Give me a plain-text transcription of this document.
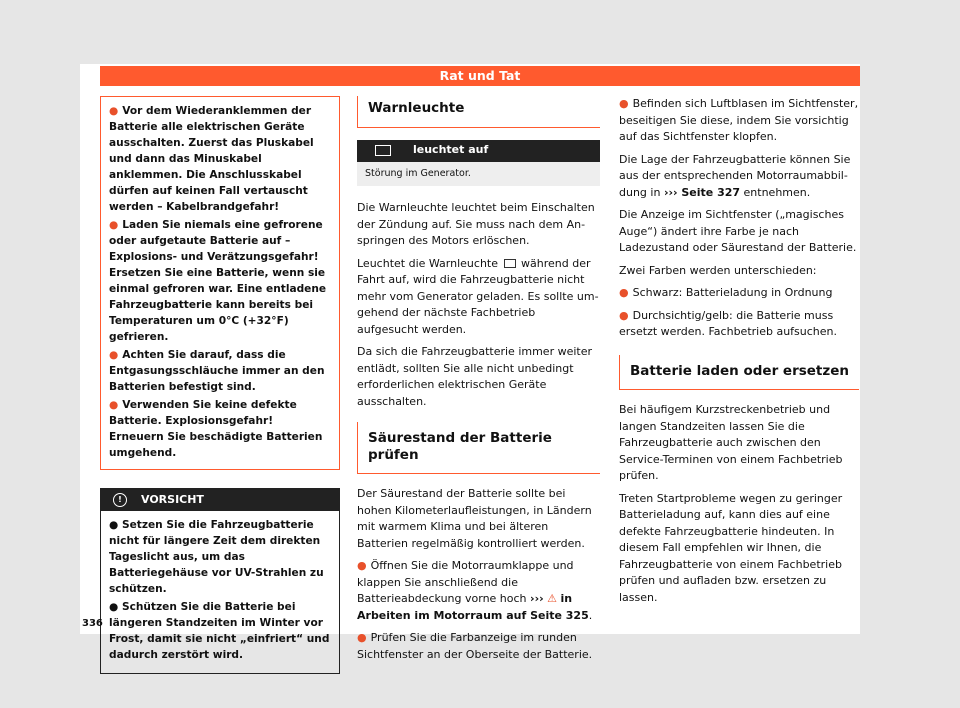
Rat und Tat

● Vor dem Wiederanklemmen der Batterie alle elektrischen Geräte ausschalten. Zuerst das Pluskabel und dann das Minuskabel anklemmen. Die Anschlusskabel dürfen auf keinen Fall vertauscht werden – Kabelbrandgefahr!

● Laden Sie niemals eine gefrorene oder aufgetaute Batterie auf – Explosions- und Verätzungsgefahr! Ersetzen Sie eine Batterie, wenn sie einmal gefroren war. Eine entladene Fahrzeugbatterie kann bereits bei Temperaturen um 0°C (+32°F) gefrieren.

● Achten Sie darauf, dass die Entgasungsschläuche immer an den Batterien befestigt sind.

● Verwenden Sie keine defekte Batterie. Explosionsgefahr! Erneuern Sie beschädigte Batterien umgehend.

!	VORSICHT

● Setzen Sie die Fahrzeugbatterie nicht für längere Zeit dem direkten Tageslicht aus, um das Batteriegehäuse vor UV-Strahlen zu schützen.

● Schützen Sie die Batterie bei längeren Standzeiten im Winter vor Frost, damit sie nicht „einfriert“ und dadurch zerstört wird.

Warnleuchte
leuchtet auf
Störung im Generator.

Die Warnleuchte leuchtet beim Einschalten der Zündung auf. Sie muss nach dem Anspringen des Motors erlöschen.

Leuchtet die Warnleuchte während der Fahrt auf, wird die Fahrzeugbatterie nicht mehr vom Generator geladen. Es sollte umgehend der nächste Fachbetrieb aufgesucht werden.

Da sich die Fahrzeugbatterie immer weiter entlädt, sollten Sie alle nicht unbedingt erforderlichen elektrischen Geräte ausschalten.

Säurestand der Batterie prüfen

Der Säurestand der Batterie sollte bei hohen Kilometerlaufleistungen, in Ländern mit warmem Klima und bei älteren Batterien regelmäßig kontrolliert werden.

● Öffnen Sie die Motorraumklappe und klappen Sie anschließend die Batterieabdeckung vorne hoch ››› ⚠ in Arbeiten im Motorraum auf Seite 325.

● Prüfen Sie die Farbanzeige im runden Sichtfenster an der Oberseite der Batterie.

● Befinden sich Luftblasen im Sichtfenster, beseitigen Sie diese, indem Sie vorsichtig auf das Sichtfenster klopfen.

Die Lage der Fahrzeugbatterie können Sie aus der entsprechenden Motorraumabbildung in ››› Seite 327 entnehmen.

Die Anzeige im Sichtfenster („magisches Auge“) ändert ihre Farbe je nach Ladezustand oder Säurestand der Batterie.

Zwei Farben werden unterschieden:

● Schwarz: Batterieladung in Ordnung

● Durchsichtig/gelb: die Batterie muss ersetzt werden. Fachbetrieb aufsuchen.

Batterie laden oder ersetzen

Bei häufigem Kurzstreckenbetrieb und langen Standzeiten lassen Sie die Fahrzeugbatterie auch zwischen den Service-Terminen von einem Fachbetrieb prüfen.

Treten Startprobleme wegen zu geringer Batterieladung auf, kann dies auf eine defekte Fahrzeugbatterie hindeuten. In diesem Fall empfehlen wir Ihnen, die Fahrzeugbatterie von einem Fachbetrieb prüfen und aufladen bzw. ersetzen zu lassen.

336
